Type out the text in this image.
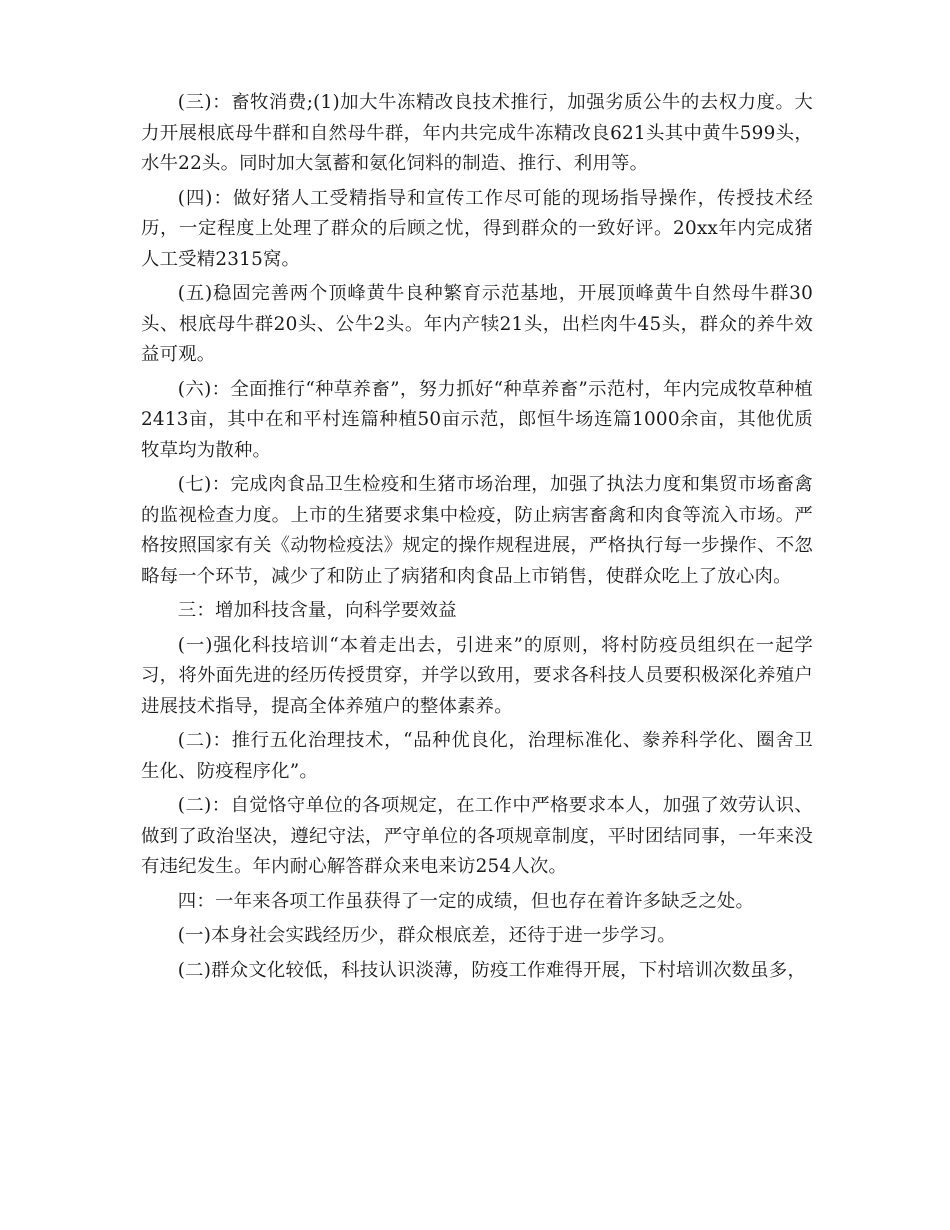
(三)：畜牧消费;(1)加大牛冻精改良技术推行，加强劣质公牛的去权力度。大力开展根底母牛群和自然母牛群，年内共完成牛冻精改良621头其中黄牛599头，水牛22头。同时加大氢蓄和氨化饲料的制造、推行、利用等。

(四)：做好猪人工受精指导和宣传工作尽可能的现场指导操作，传授技术经历，一定程度上处理了群众的后顾之忧，得到群众的一致好评。20xx年内完成猪人工受精2315窝。

(五)稳固完善两个顶峰黄牛良种繁育示范基地，开展顶峰黄牛自然母牛群30头、根底母牛群20头、公牛2头。年内产犊21头，出栏肉牛45头，群众的养牛效益可观。

(六)：全面推行“种草养畜”，努力抓好“种草养畜”示范村，年内完成牧草种植2413亩，其中在和平村连篇种植50亩示范，郎恒牛场连篇1000余亩，其他优质牧草均为散种。

(七)：完成肉食品卫生检疫和生猪市场治理，加强了执法力度和集贸市场畜禽的监视检查力度。上市的生猪要求集中检疫，防止病害畜禽和肉食等流入市场。严格按照国家有关《动物检疫法》规定的操作规程进展，严格执行每一步操作、不忽略每一个环节，减少了和防止了病猪和肉食品上市销售，使群众吃上了放心肉。

三：增加科技含量，向科学要效益

(一)强化科技培训“本着走出去，引进来”的原则，将村防疫员组织在一起学习，将外面先进的经历传授贯穿，并学以致用，要求各科技人员要积极深化养殖户进展技术指导，提高全体养殖户的整体素养。

(二)：推行五化治理技术，“品种优良化，治理标准化、豢养科学化、圈舍卫生化、防疫程序化”。

(二)：自觉恪守单位的各项规定，在工作中严格要求本人，加强了效劳认识、做到了政治坚决，遵纪守法，严守单位的各项规章制度，平时团结同事，一年来没有违纪发生。年内耐心解答群众来电来访254人次。

四：一年来各项工作虽获得了一定的成绩，但也存在着许多缺乏之处。

(一)本身社会实践经历少，群众根底差，还待于进一步学习。

(二)群众文化较低，科技认识淡薄，防疫工作难得开展，下村培训次数虽多，
